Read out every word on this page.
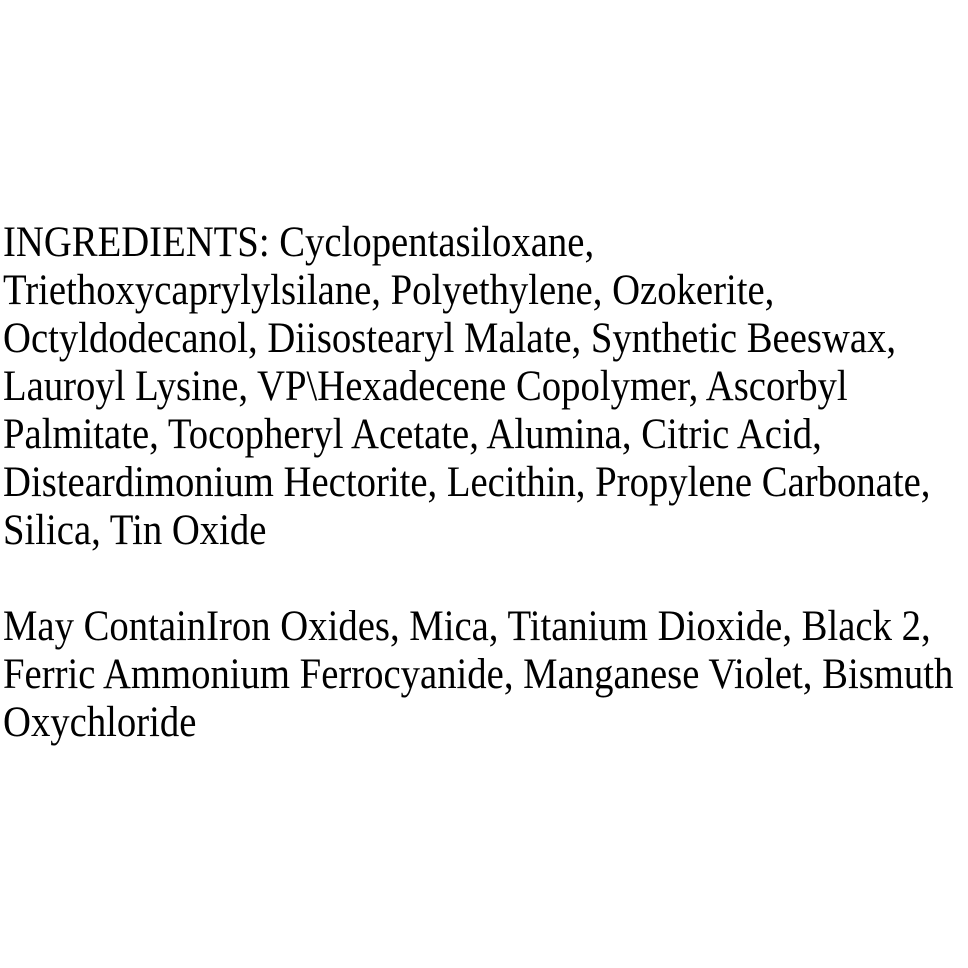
INGREDIENTS: Cyclopentasiloxane,
Triethoxycaprylylsilane, Polyethylene, Ozokerite,
Octyldodecanol, Diisostearyl Malate, Synthetic Beeswax,
Lauroyl Lysine, VP\Hexadecene Copolymer, Ascorbyl
Palmitate, Tocopheryl Acetate, Alumina, Citric Acid,
Disteardimonium Hectorite, Lecithin, Propylene Carbonate,
Silica, Tin Oxide
May ContainIron Oxides, Mica, Titanium Dioxide, Black 2,
Ferric Ammonium Ferrocyanide, Manganese Violet, Bismuth
Oxychloride
